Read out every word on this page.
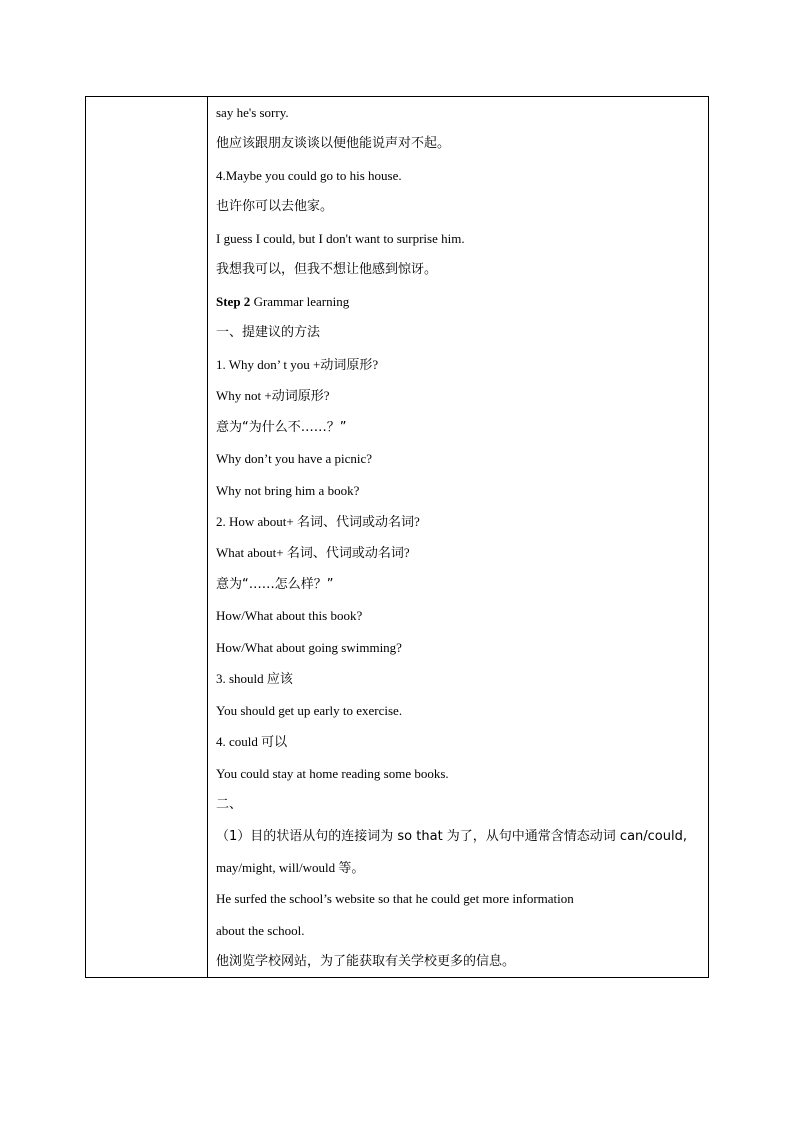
say he's sorry.
他应该跟朋友谈谈以便他能说声对不起。
4.Maybe you could go to his house.
也许你可以去他家。
I guess I could, but I don't want to surprise him.
我想我可以，但我不想让他感到惊讶。
Step 2 Grammar learning
一、提建议的方法
1. Why don’ t you +动词原形?
Why not +动词原形?
意为“为什么不……？”
Why don’t you have a picnic?
Why not bring him a book?
2. How about+ 名词、代词或动名词?
What about+ 名词、代词或动名词?
意为“……怎么样？”
How/What about this book?
How/What about going swimming?
3. should 应该
You should get up early to exercise.
4. could 可以
You could stay at home reading some books.
二、
（1）目的状语从句的连接词为 so that 为了，从句中通常含情态动词 can/could,
may/might, will/would 等。
He surfed the school’s website so that he could get more information
about the school.
他浏览学校网站，为了能获取有关学校更多的信息。
